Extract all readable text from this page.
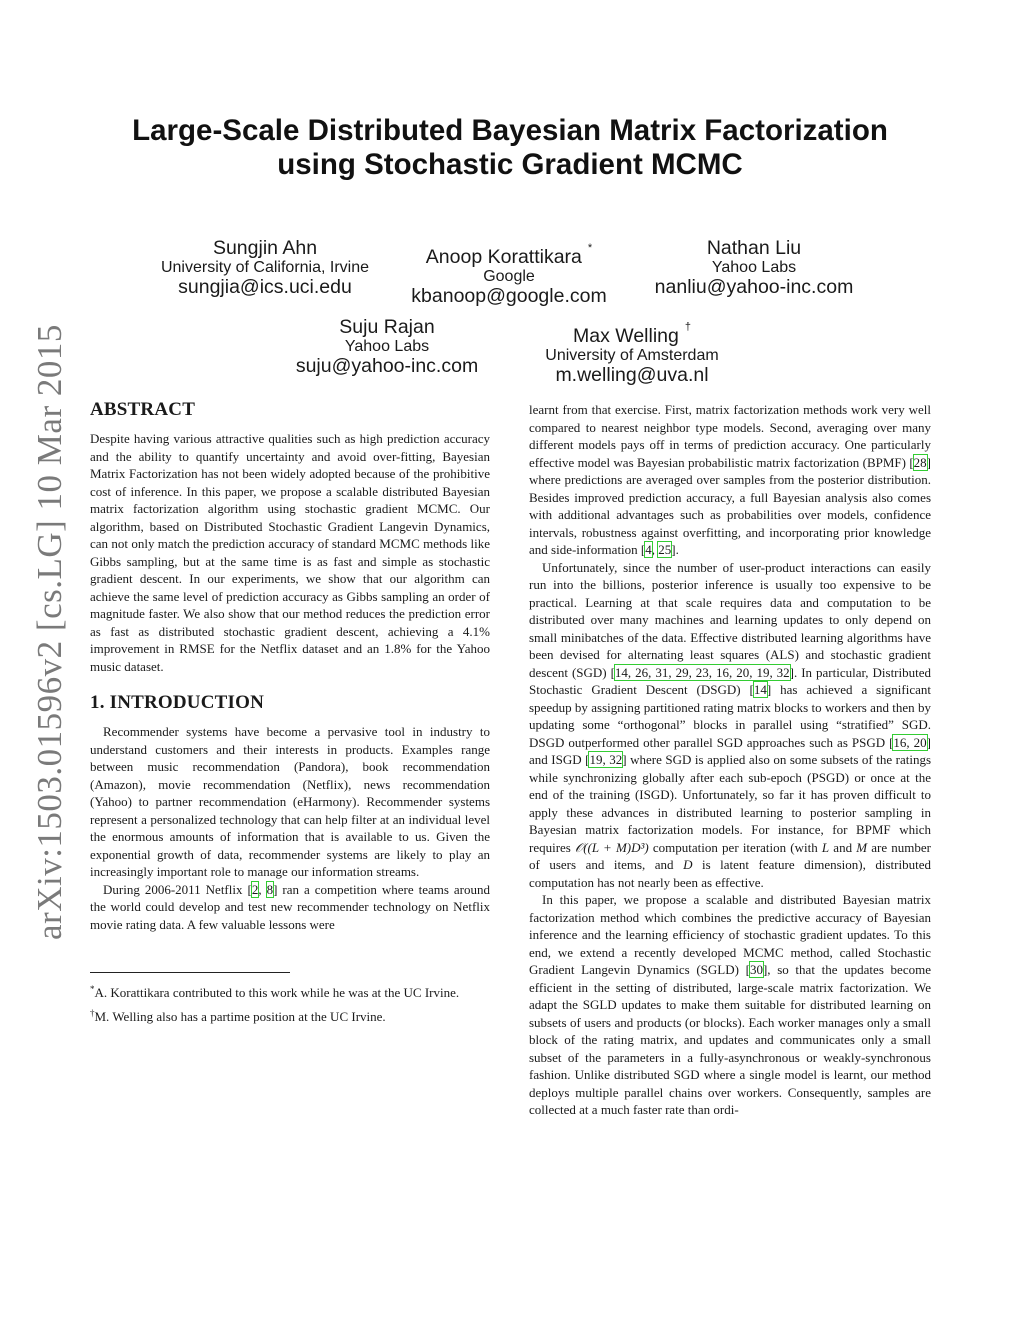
arXiv:1503.01596v2 [cs.LG] 10 Mar 2015
Large-Scale Distributed Bayesian Matrix Factorization
using Stochastic Gradient MCMC
Sungjin Ahn
University of California, Irvine
sungjia@ics.uci.edu
Anoop Korattikara *
Google
kbanoop@google.com
Nathan Liu
Yahoo Labs
nanliu@yahoo-inc.com
Suju Rajan
Yahoo Labs
suju@yahoo-inc.com
Max Welling †
University of Amsterdam
m.welling@uva.nl
ABSTRACT

Despite having various attractive qualities such as high prediction accuracy and the ability to quantify uncertainty and avoid over-fitting, Bayesian Matrix Factorization has not been widely adopted because of the prohibitive cost of inference. In this paper, we propose a scalable distributed Bayesian matrix factorization algorithm using stochastic gradient MCMC. Our algorithm, based on Distributed Stochastic Gradient Langevin Dynamics, can not only match the prediction accuracy of standard MCMC methods like Gibbs sampling, but at the same time is as fast and simple as stochastic gradient descent. In our experiments, we show that our algorithm can achieve the same level of prediction accuracy as Gibbs sampling an order of magnitude faster. We also show that our method reduces the prediction error as fast as distributed stochastic gradient descent, achieving a 4.1% improvement in RMSE for the Netflix dataset and an 1.8% for the Yahoo music dataset.

1. INTRODUCTION

Recommender systems have become a pervasive tool in industry to understand customers and their interests in products. Examples range between music recommendation (Pandora), book recommendation (Amazon), movie recommendation (Netflix), news recommendation (Yahoo) to partner recommendation (eHarmony). Recommender systems represent a personalized technology that can help filter at an individual level the enormous amounts of information that is available to us. Given the exponential growth of data, recommender systems are likely to play an increasingly important role to manage our information streams.

During 2006-2011 Netflix [2, 8] ran a competition where teams around the world could develop and test new recommender technology on Netflix movie rating data. A few valuable lessons were

*A. Korattikara contributed to this work while he was at the UC Irvine.

†M. Welling also has a partime position at the UC Irvine.

learnt from that exercise. First, matrix factorization methods work very well compared to nearest neighbor type models. Second, averaging over many different models pays off in terms of prediction accuracy. One particularly effective model was Bayesian probabilistic matrix factorization (BPMF) [28] where predictions are averaged over samples from the posterior distribution. Besides improved prediction accuracy, a full Bayesian analysis also comes with additional advantages such as probabilities over models, confidence intervals, robustness against overfitting, and incorporating prior knowledge and side-information [4, 25].

Unfortunately, since the number of user-product interactions can easily run into the billions, posterior inference is usually too expensive to be practical. Learning at that scale requires data and computation to be distributed over many machines and learning updates to only depend on small minibatches of the data. Effective distributed learning algorithms have been devised for alternating least squares (ALS) and stochastic gradient descent (SGD) [14, 26, 31, 29, 23, 16, 20, 19, 32]. In particular, Distributed Stochastic Gradient Descent (DSGD) [14] has achieved a significant speedup by assigning partitioned rating matrix blocks to workers and then by updating some “orthogonal” blocks in parallel using “stratified” SGD. DSGD outperformed other parallel SGD approaches such as PSGD [16, 20] and ISGD [19, 32] where SGD is applied also on some subsets of the ratings while synchronizing globally after each sub-epoch (PSGD) or once at the end of the training (ISGD). Unfortunately, so far it has proven difficult to apply these advances in distributed learning to posterior sampling in Bayesian matrix factorization models. For instance, for BPMF which requires 𝒪((L + M)D³) computation per iteration (with L and M are number of users and items, and D is latent feature dimension), distributed computation has not nearly been as effective.

In this paper, we propose a scalable and distributed Bayesian matrix factorization method which combines the predictive accuracy of Bayesian inference and the learning efficiency of stochastic gradient updates. To this end, we extend a recently developed MCMC method, called Stochastic Gradient Langevin Dynamics (SGLD) [30], so that the updates become efficient in the setting of distributed, large-scale matrix factorization. We adapt the SGLD updates to make them suitable for distributed learning on subsets of users and products (or blocks). Each worker manages only a small block of the rating matrix, and updates and communicates only a small subset of the parameters in a fully-asynchronous or weakly-synchronous fashion. Unlike distributed SGD where a single model is learnt, our method deploys multiple parallel chains over workers. Consequently, samples are collected at a much faster rate than ordi-
